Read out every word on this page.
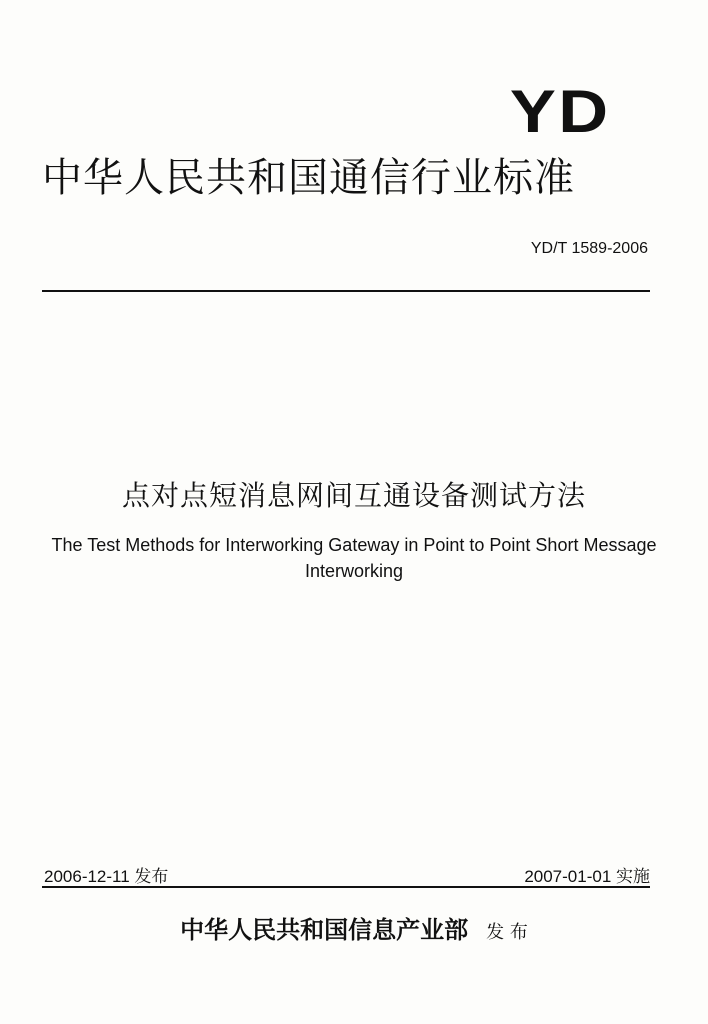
YD
中华人民共和国通信行业标准
YD/T 1589-2006
点对点短消息网间互通设备测试方法
The Test Methods for Interworking Gateway in Point to Point Short Message Interworking
2006-12-11 发布	2007-01-01 实施
中华人民共和国信息产业部 发 布
